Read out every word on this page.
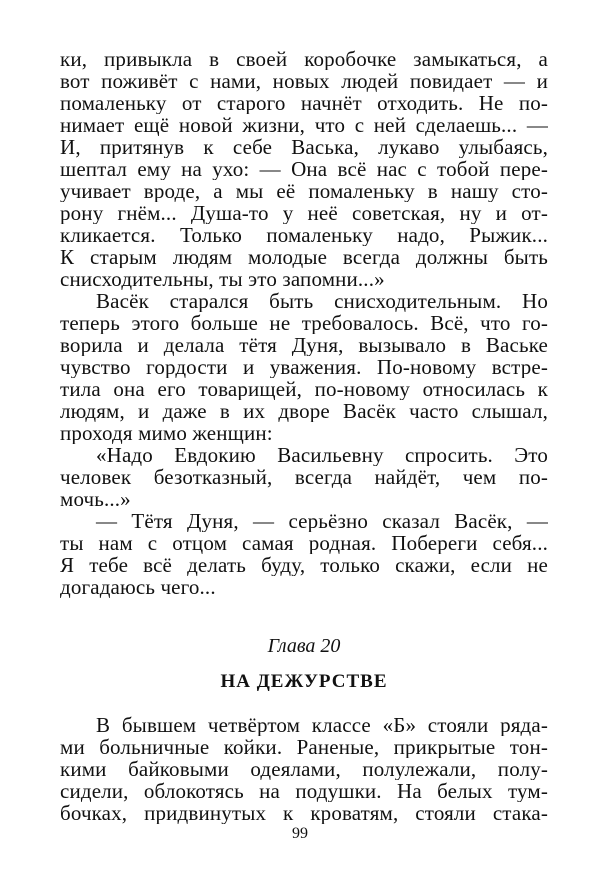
ки, привыкла в своей коробочке замыкаться, а
вот поживёт с нами, новых людей повидает — и
помаленьку от старого начнёт отходить. Не по-
нимает ещё новой жизни, что с ней сделаешь... —
И, притянув к себе Васька, лукаво улыбаясь,
шептал ему на ухо: — Она всё нас с тобой пере-
учивает вроде, а мы её помаленьку в нашу сто-
рону гнём... Душа-то у неё советская, ну и от-
кликается. Только помаленьку надо, Рыжик...
К старым людям молодые всегда должны быть
снисходительны, ты это запомни...»
Васёк старался быть снисходительным. Но
теперь этого больше не требовалось. Всё, что го-
ворила и делала тётя Дуня, вызывало в Ваське
чувство гордости и уважения. По-новому встре-
тила она его товарищей, по-новому относилась к
людям, и даже в их дворе Васёк часто слышал,
проходя мимо женщин:
«Надо Евдокию Васильевну спросить. Это
человек безотказный, всегда найдёт, чем по-
мочь...»
— Тётя Дуня, — серьёзно сказал Васёк, —
ты нам с отцом самая родная. Побереги себя...
Я тебе всё делать буду, только скажи, если не
догадаюсь чего...
Глава 20
НА ДЕЖУРСТВЕ
В бывшем четвёртом классе «Б» стояли ряда-
ми больничные койки. Раненые, прикрытые тон-
кими байковыми одеялами, полулежали, полу-
сидели, облокотясь на подушки. На белых тум-
бочках, придвинутых к кроватям, стояли стака-
99
